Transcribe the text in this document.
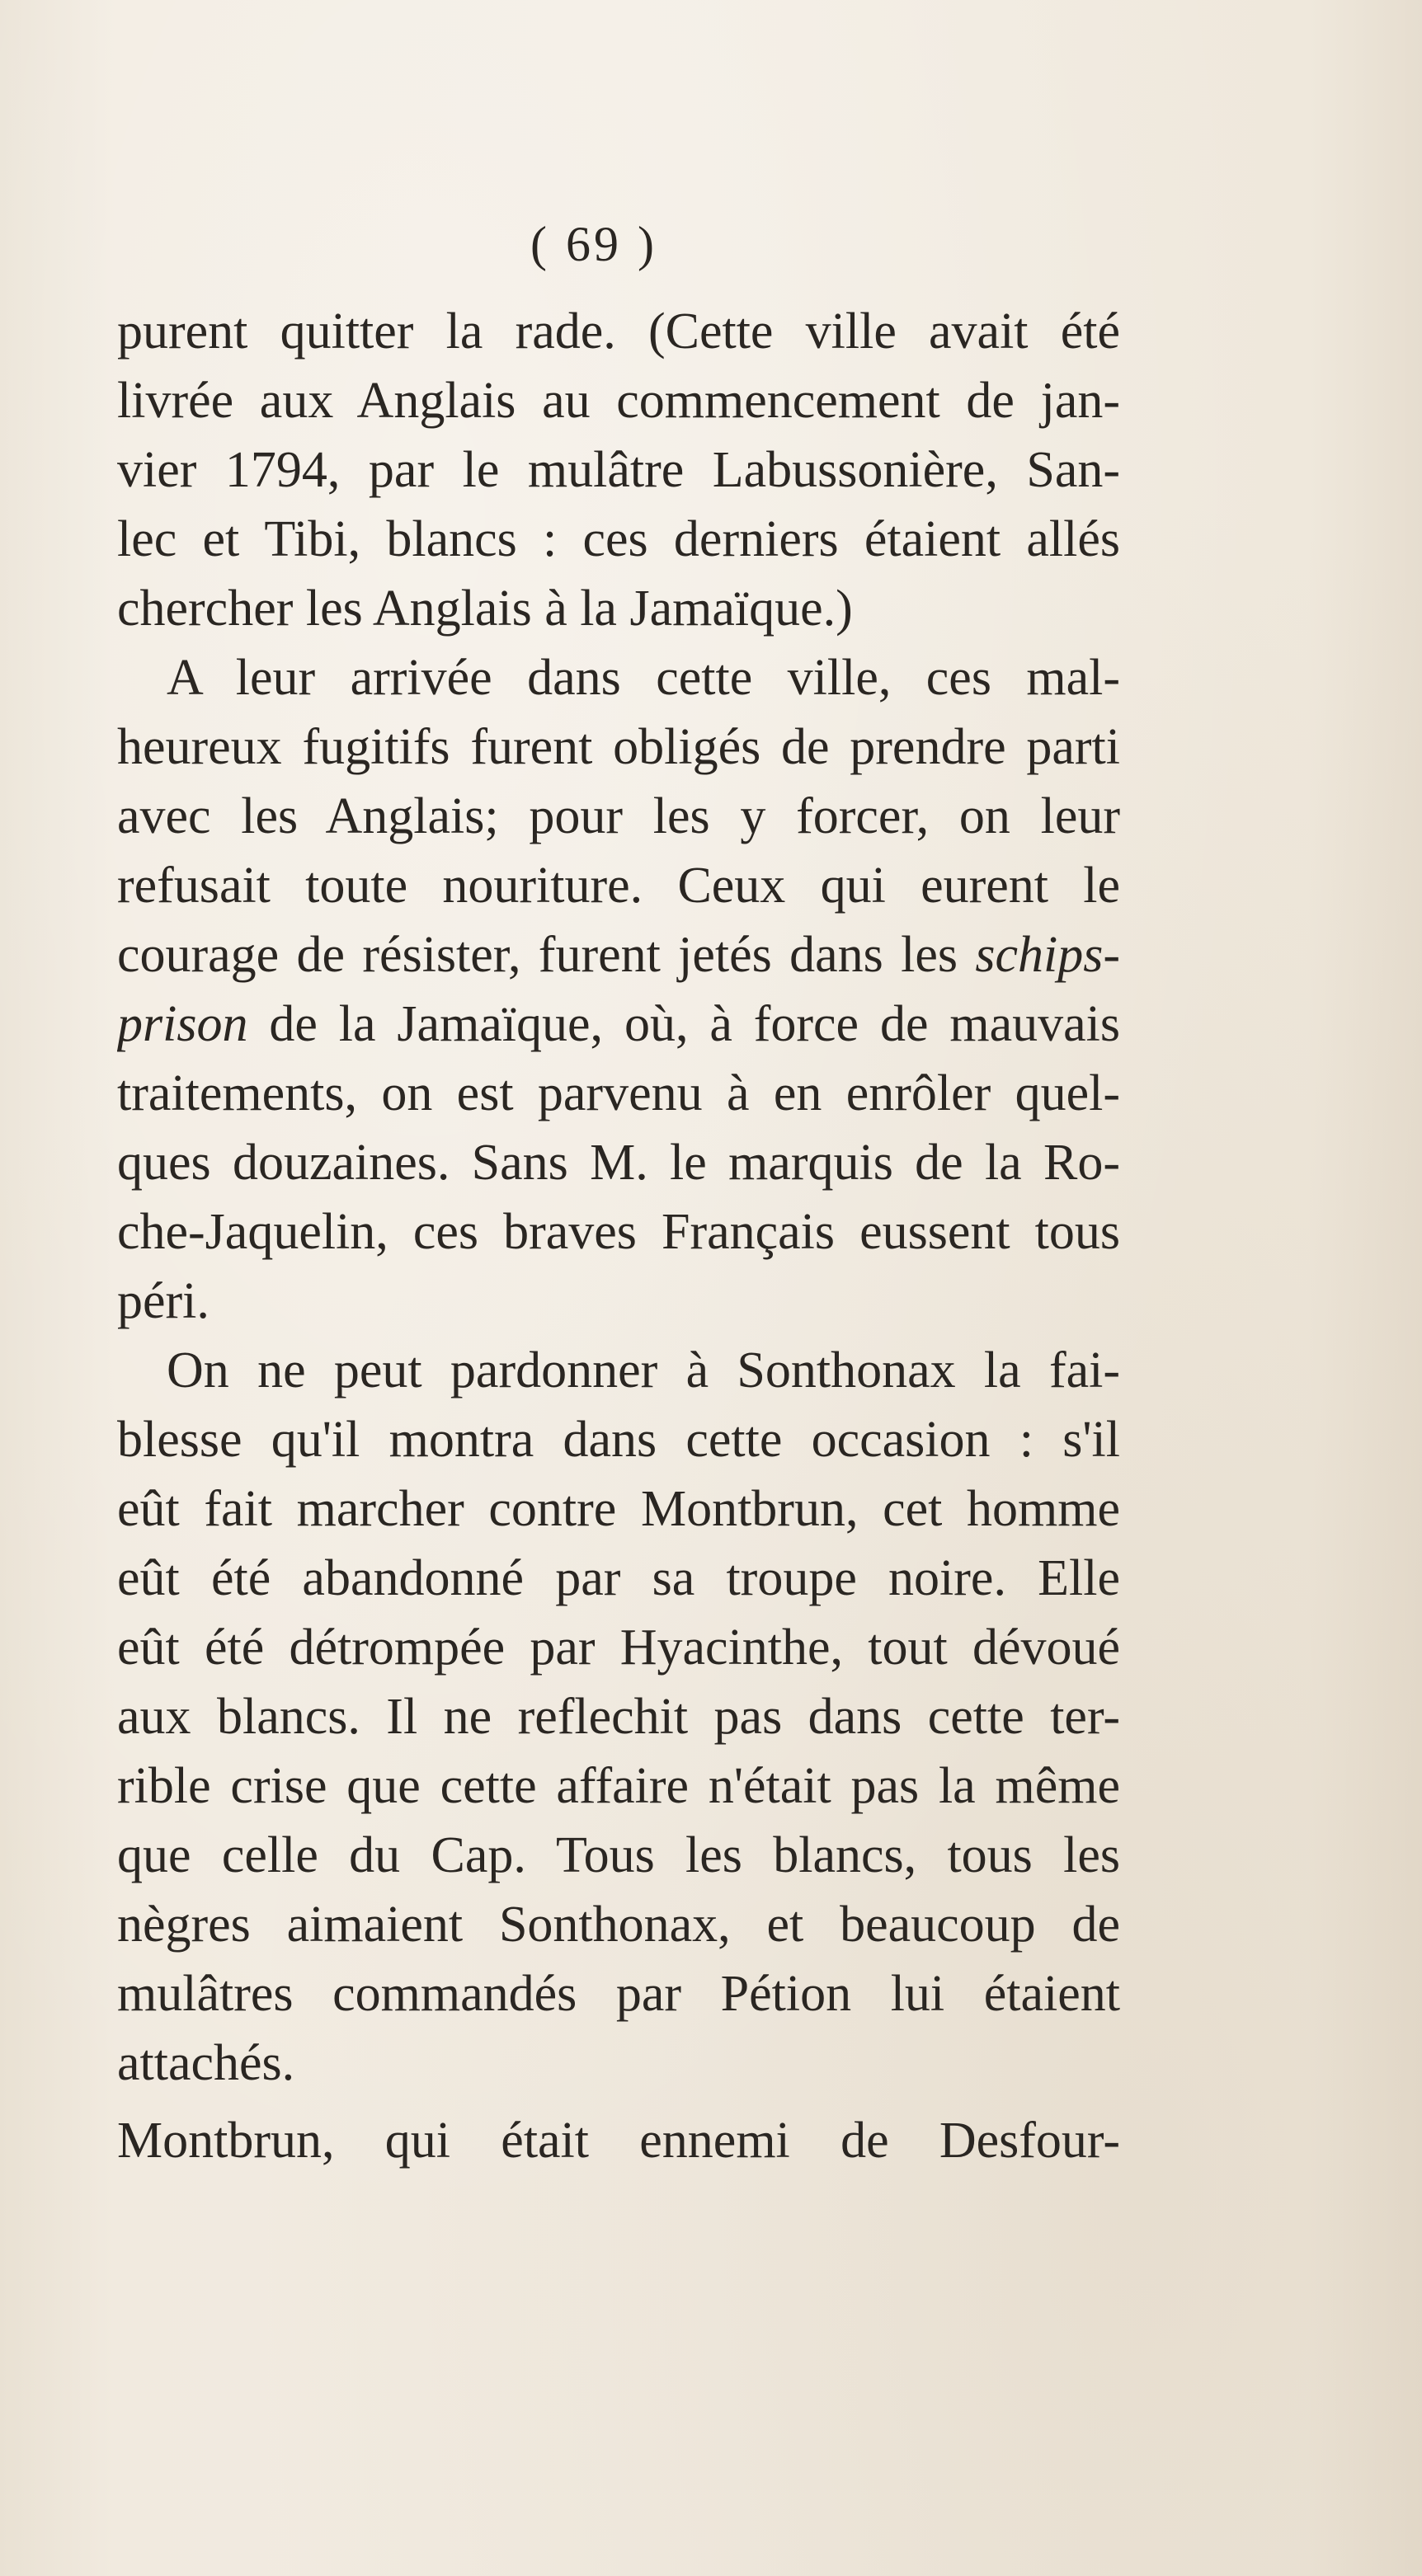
( 69 )
purent quitter la rade. (Cette ville avait été
livrée aux Anglais au commencement de jan-
vier 1794, par le mulâtre Labussonière, San-
lec et Tibi, blancs : ces derniers étaient allés
chercher les Anglais à la Jamaïque.)
A leur arrivée dans cette ville, ces mal-
heureux fugitifs furent obligés de prendre parti
avec les Anglais; pour les y forcer, on leur
refusait toute nouriture. Ceux qui eurent le
courage de résister, furent jetés dans les schips-
prison de la Jamaïque, où, à force de mauvais
traitements, on est parvenu à en enrôler quel-
ques douzaines. Sans M. le marquis de la Ro-
che-Jaquelin, ces braves Français eussent tous
péri.
On ne peut pardonner à Sonthonax la fai-
blesse qu'il montra dans cette occasion : s'il
eût fait marcher contre Montbrun, cet homme
eût été abandonné par sa troupe noire. Elle
eût été détrompée par Hyacinthe, tout dévoué
aux blancs. Il ne reflechit pas dans cette ter-
rible crise que cette affaire n'était pas la même
que celle du Cap. Tous les blancs, tous les
nègres aimaient Sonthonax, et beaucoup de
mulâtres commandés par Pétion lui étaient
attachés.
Montbrun, qui était ennemi de Desfour-
